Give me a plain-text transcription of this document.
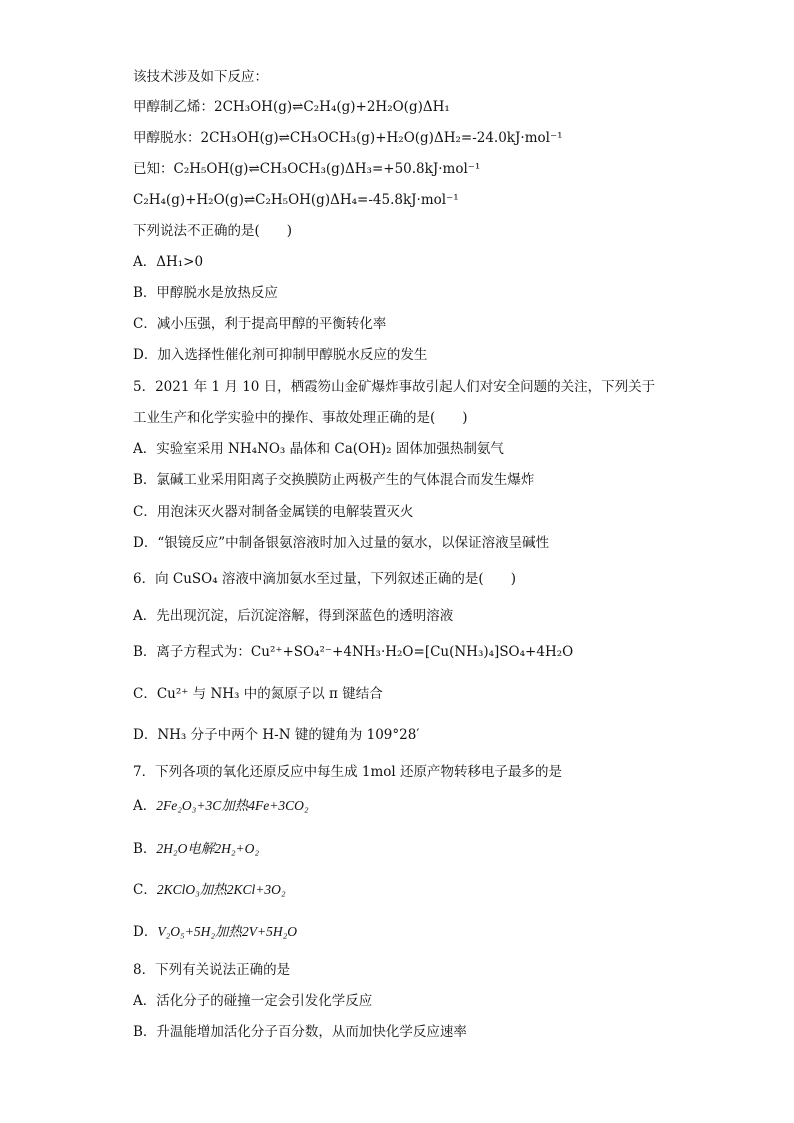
该技术涉及如下反应：
甲醇制乙烯：2CH₃OH(g)⇌C₂H₄(g)+2H₂O(g)ΔH₁
甲醇脱水：2CH₃OH(g)⇌CH₃OCH₃(g)+H₂O(g)ΔH₂=-24.0kJ·mol⁻¹
已知：C₂H₅OH(g)⇌CH₃OCH₃(g)ΔH₃=+50.8kJ·mol⁻¹
C₂H₄(g)+H₂O(g)⇌C₂H₅OH(g)ΔH₄=-45.8kJ·mol⁻¹
下列说法不正确的是(　　)
A．ΔH₁>0
B．甲醇脱水是放热反应
C．减小压强，利于提高甲醇的平衡转化率
D．加入选择性催化剂可抑制甲醇脱水反应的发生
5．2021 年 1 月 10 日，栖霞笏山金矿爆炸事故引起人们对安全问题的关注，下列关于
工业生产和化学实验中的操作、事故处理正确的是(　　)
A．实验室采用 NH₄NO₃ 晶体和 Ca(OH)₂ 固体加强热制氨气
B．氯碱工业采用阳离子交换膜防止两极产生的气体混合而发生爆炸
C．用泡沫灭火器对制备金属镁的电解装置灭火
D．“银镜反应”中制备银氨溶液时加入过量的氨水，以保证溶液呈碱性
6．向 CuSO₄ 溶液中滴加氨水至过量，下列叙述正确的是(　　)
A．先出现沉淀，后沉淀溶解，得到深蓝色的透明溶液
B．离子方程式为：Cu²⁺+SO₄²⁻+4NH₃·H₂O=[Cu(NH₃)₄]SO₄+4H₂O
C．Cu²⁺ 与 NH₃ 中的氮原子以 π 键结合
D．NH₃ 分子中两个 H-N 键的键角为 109°28′
7．下列各项的氧化还原反应中每生成 1mol 还原产物转移电子最多的是
A．2Fe₂O₃+3C加热4Fe+3CO₂
B．2H₂O电解2H₂+O₂
C．2KClO₃加热2KCl+3O₂
D．V₂O₅+5H₂加热2V+5H₂O
8．下列有关说法正确的是
A．活化分子的碰撞一定会引发化学反应
B．升温能增加活化分子百分数，从而加快化学反应速率
